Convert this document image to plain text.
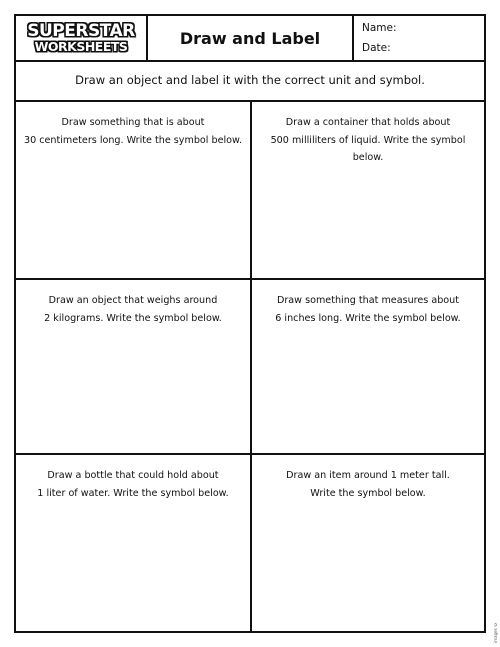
SUPERSTAR
WORKSHEETS	Draw and Label
Name:
Date:
Draw an object and label it with the correct unit and symbol.
Draw something that is about
30 centimeters long. Write the symbol below.
Draw a container that holds about
500 milliliters of liquid. Write the symbol below.
Draw an object that weighs around
2 kilograms. Write the symbol below.
Draw something that measures about
6 inches long. Write the symbol below.
Draw a bottle that could hold about
1 liter of water. Write the symbol below.
Draw an item around 1 meter tall.
Write the symbol below.
images ©
